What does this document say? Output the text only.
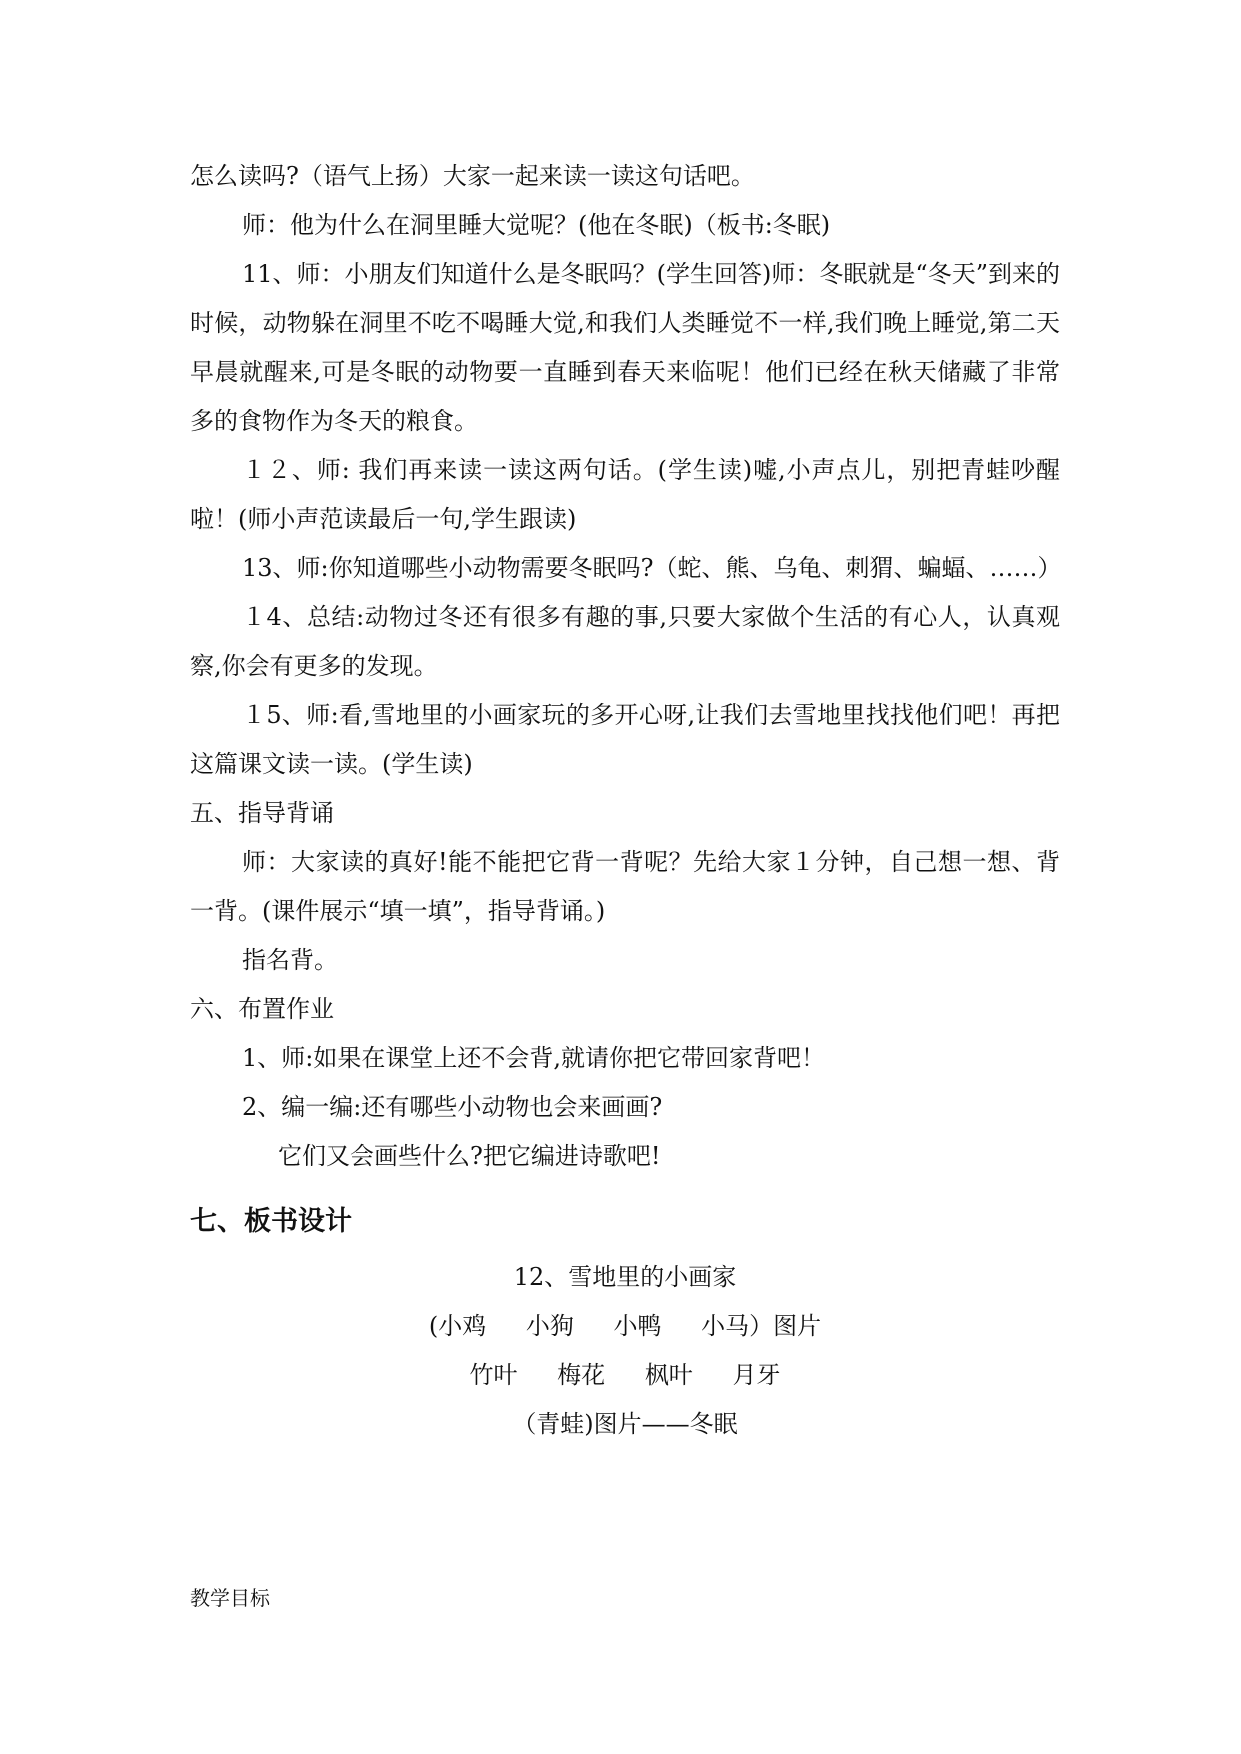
怎么读吗?（语气上扬）大家一起来读一读这句话吧。

师：他为什么在洞里睡大觉呢？(他在冬眠)（板书:冬眠)

11、师：小朋友们知道什么是冬眠吗？(学生回答)师：冬眠就是“冬天”到来的时候，动物躲在洞里不吃不喝睡大觉,和我们人类睡觉不一样,我们晚上睡觉,第二天早晨就醒来,可是冬眠的动物要一直睡到春天来临呢！他们已经在秋天储藏了非常多的食物作为冬天的粮食。

１２、师: 我们再来读一读这两句话。(学生读)嘘,小声点儿，别把青蛙吵醒啦！(师小声范读最后一句,学生跟读)

13、师:你知道哪些小动物需要冬眠吗?（蛇、熊、乌龟、刺猬、蝙蝠、……）

１4、总结:动物过冬还有很多有趣的事,只要大家做个生活的有心人，认真观察,你会有更多的发现。

１5、师:看,雪地里的小画家玩的多开心呀,让我们去雪地里找找他们吧！再把这篇课文读一读。(学生读)

五、指导背诵

师：大家读的真好!能不能把它背一背呢？先给大家１分钟，自己想一想、背一背。(课件展示“填一填”，指导背诵。)

指名背。

六、布置作业

1、师:如果在课堂上还不会背,就请你把它带回家背吧！

2、编一编:还有哪些小动物也会来画画?

它们又会画些什么?把它编进诗歌吧!

七、板书设计

12、雪地里的小画家

(小鸡 小狗 小鸭 小马）图片

竹叶 梅花 枫叶 月牙

（青蛙)图片——冬眠

教学目标
